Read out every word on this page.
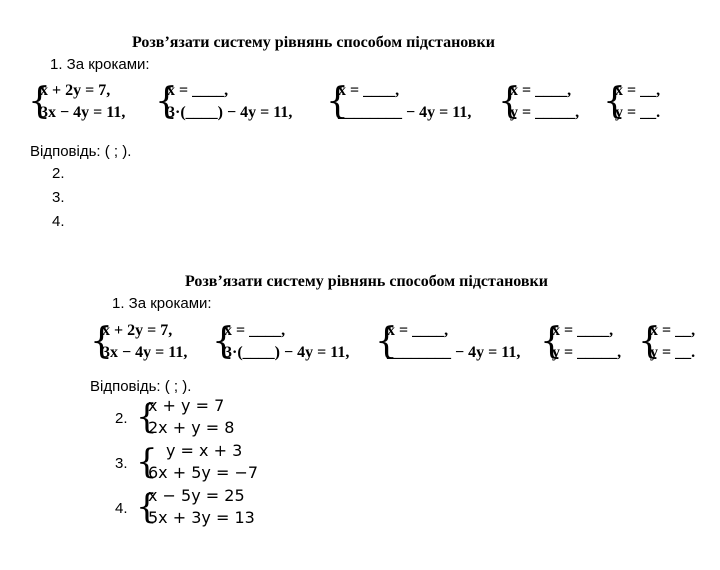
Розв’язати систему рівнянь способом підстановки
1. За кроками:
{
x + 2y = 7,
3x − 4y = 11, {
x = ____,
3·(____) − 4y = 11, {
x = ____,
________ − 4y = 11, {
x = ____,
y = _____, {
x = __,
y = __.
Відповідь: ( ; ).
2.
3.
4.
Розв’язати систему рівнянь способом підстановки
1. За кроками:
{
x + 2y = 7,
3x − 4y = 11, {
x = ____,
3·(____) − 4y = 11, {
x = ____,
________ − 4y = 11, {
x = ____,
y = _____, {
x = __,
y = __.
Відповідь: ( ; ).
2. {
x + y = 7
2x + y = 8
3. { y = x + 3
6x + 5y = −7
4. {
x − 5y = 25
5x + 3y = 13
